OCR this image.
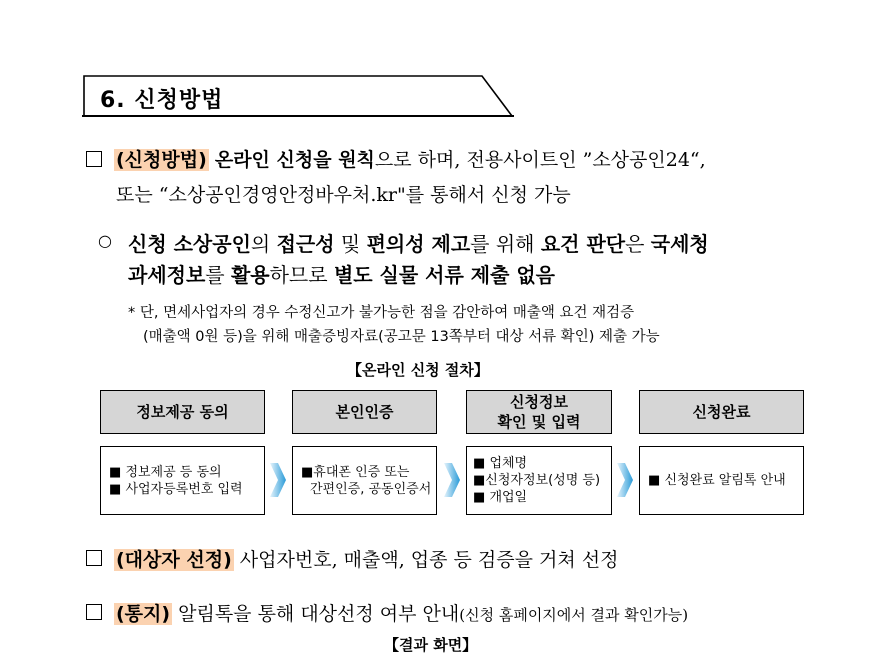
6. 신청방법
(신청방법) 온라인 신청을 원칙으로 하며, 전용사이트인 ”소상공인24“,
또는 “소상공인경영안정바우처.kr"를 통해서 신청 가능
○ 신청 소상공인의 접근성 및 편의성 제고를 위해 요건 판단은 국세청
과세정보를 활용하므로 별도 실물 서류 제출 없음
* 단, 면세사업자의 경우 수정신고가 불가능한 점을 감안하여 매출액 요건 재검증
(매출액 0원 등)을 위해 매출증빙자료(공고문 13쪽부터 대상 서류 확인) 제출 가능
【온라인 신청 절차】
정보제공 동의	본인인증
신청정보
확인 및 입력
신청완료
■ 정보제공 등 동의
■ 사업자등록번호 입력
■휴대폰 인증 또는
간편인증, 공동인증서
■ 업체명
■신청자정보(성명 등)
■ 개업일
■ 신청완료 알림톡 안내
(대상자 선정) 사업자번호, 매출액, 업종 등 검증을 거쳐 선정
(통지) 알림톡을 통해 대상선정 여부 안내(신청 홈페이지에서 결과 확인가능)
【결과 화면】
